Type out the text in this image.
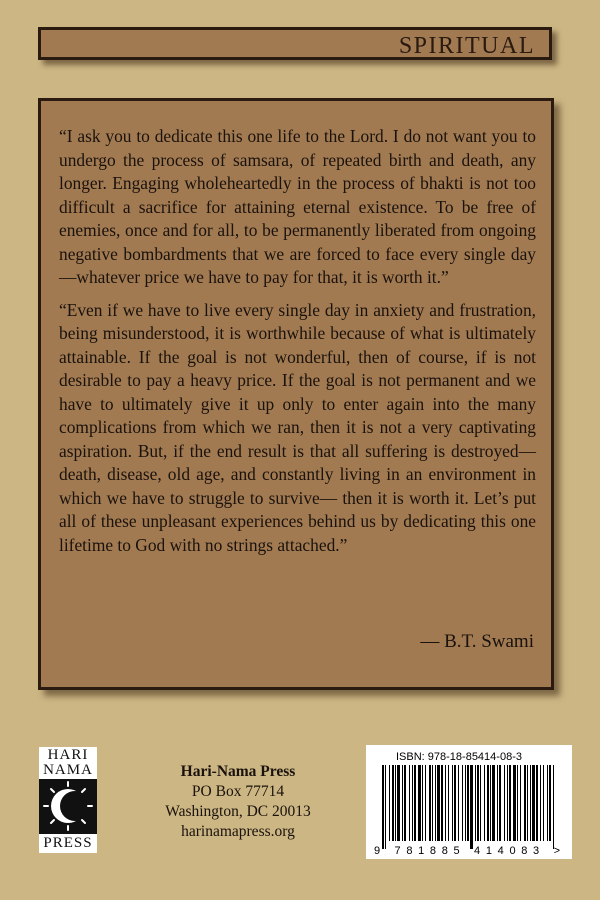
SPIRITUAL

“I ask you to dedicate this one life to the Lord. I do not want you to undergo the process of samsara, of repeated birth and death, any longer. Engaging wholeheartedly in the process of bhakti is not too difficult a sacrifice for attaining eternal existence. To be free of enemies, once and for all, to be permanently liberated from ongoing negative bombardments that we are forced to face every single day—whatever price we have to pay for that, it is worth it.”

“Even if we have to live every single day in anxiety and frustration, being misunderstood, it is worthwhile because of what is ultimately attainable. If the goal is not wonderful, then of course, if is not desirable to pay a heavy price. If the goal is not permanent and we have to ultimately give it up only to enter again into the many complications from which we ran, then it is not a very captivating aspiration. But, if the end result is that all suffering is destroyed—death, disease, old age, and constantly living in an environment in which we have to struggle to survive— then it is worth it. Let’s put all of these unpleasant experiences behind us by dedicating this one lifetime to God with no strings attached.”

— B.T. Swami
HARI
NAMA
PRESS
Hari-Nama Press
PO Box 77714
Washington, DC 20013
harinamapress.org
ISBN: 978-18-85414-08-3
9 781885 414083 >
